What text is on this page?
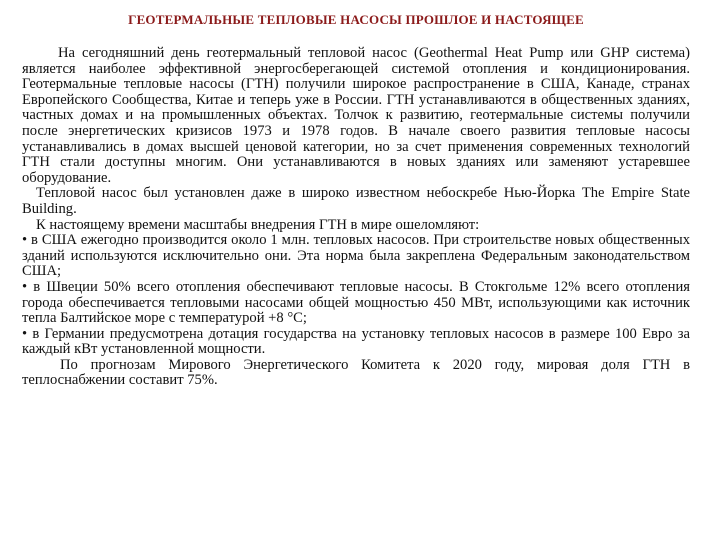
ГЕОТЕРМАЛЬНЫЕ ТЕПЛОВЫЕ НАСОСЫ ПРОШЛОЕ И НАСТОЯЩЕЕ

На сегодняшний день геотермальный тепловой насос (Geothermal Heat Pump или GHP система) является наиболее эффективной энергосберегающей системой отопления и кондиционирования. Геотермальные тепловые насосы (ГТН) получили широкое распространение в США, Канаде, странах Европейского Сообщества, Китае и теперь уже в России. ГТН устанавливаются в общественных зданиях, частных домах и на промышленных объектах. Толчок к развитию, геотермальные системы получили после энергетических кризисов 1973 и 1978 годов. В начале своего развития тепловые насосы устанавливались в домах высшей ценовой категории, но за счет применения современных технологий ГТН стали доступны многим. Они устанавливаются в новых зданиях или заменяют устаревшее оборудование.

Тепловой насос был установлен даже в широко известном небоскребе Нью-Йорка The Empire State Building.

К настоящему времени масштабы внедрения ГТН в мире ошеломляют:

• в США ежегодно производится около 1 млн. тепловых насосов. При строительстве новых общественных зданий используются исключительно они. Эта норма была закреплена Федеральным законодательством США;

• в Швеции 50% всего отопления обеспечивают тепловые насосы. В Стокгольме 12% всего отопления города обеспечивается тепловыми насосами общей мощностью 450 МВт, использующими как источник тепла Балтийское море с температурой +8 °С;

• в Германии предусмотрена дотация государства на установку тепловых насосов в размере 100 Евро за каждый кВт установленной мощности.

По прогнозам Мирового Энергетического Комитета к 2020 году, мировая доля ГТН в теплоснабжении составит 75%.
